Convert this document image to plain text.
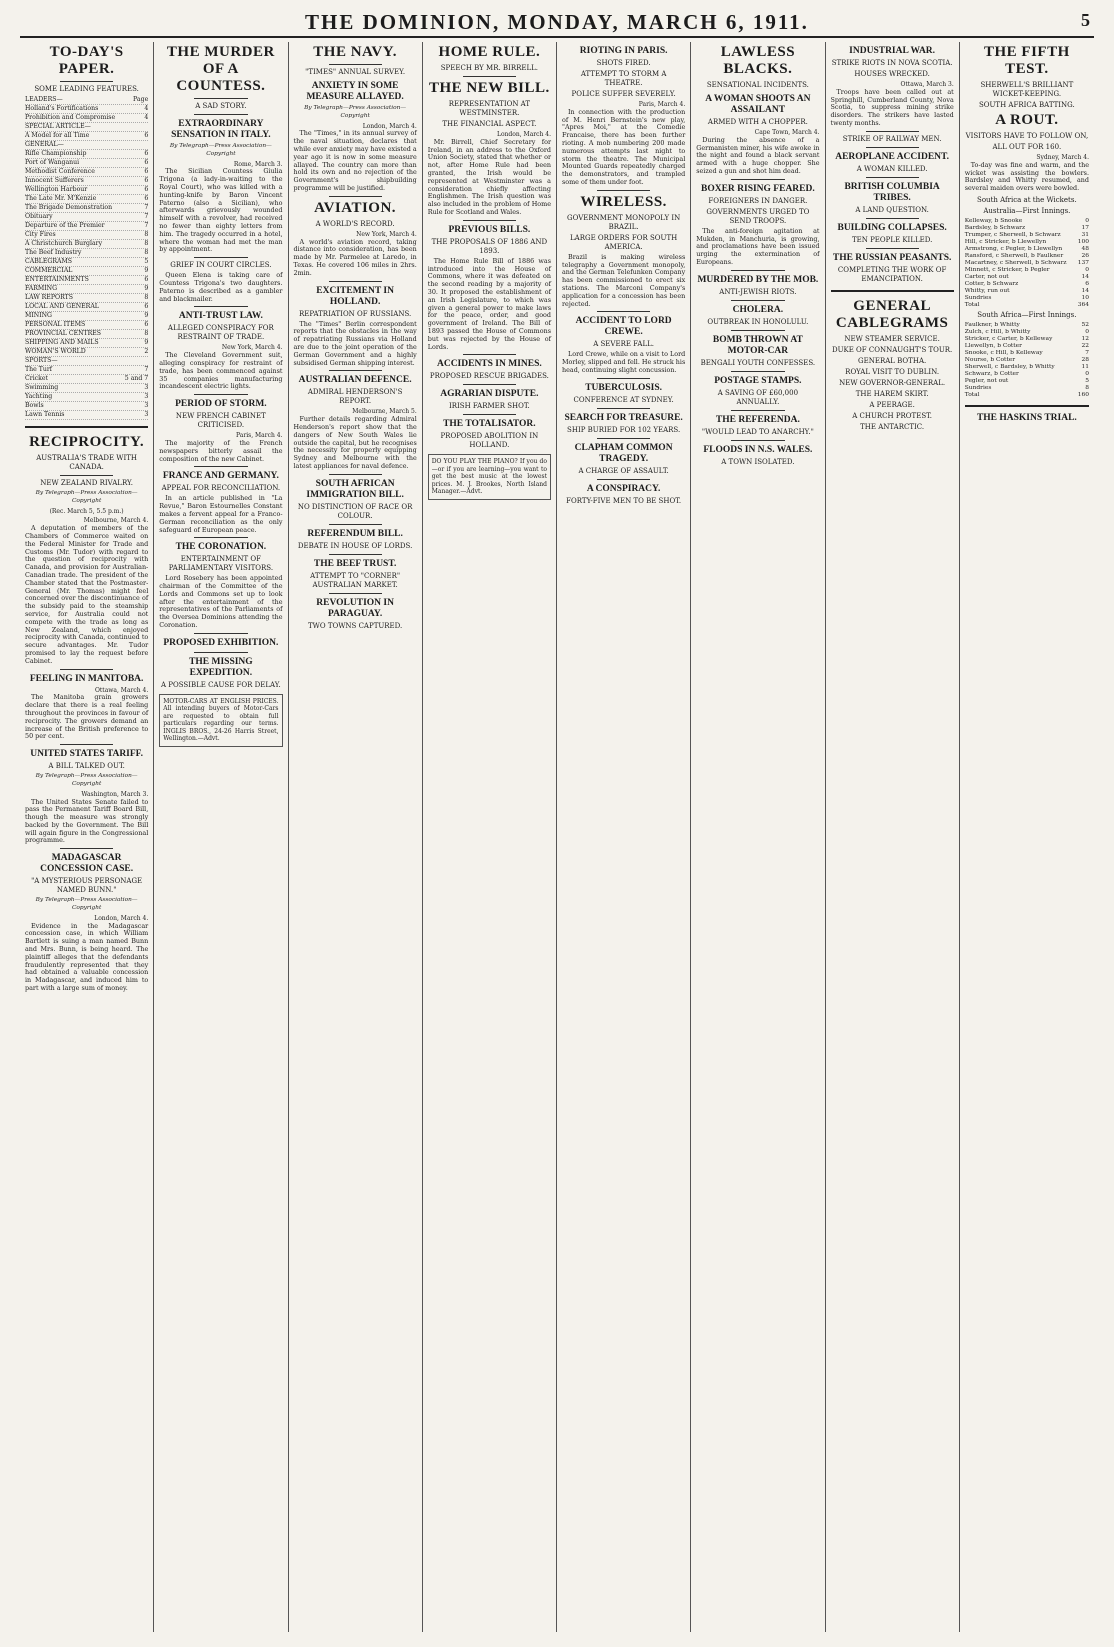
THE DOMINION, MONDAY, MARCH 6, 1911.	5
TO-DAY'S PAPER.
SOME LEADING FEATURES.
LEADERS—	Page
Holland's Fortifications	4
Prohibition and Compromise	4
SPECIAL ARTICLE—
A Model for all Time	6
GENERAL—
Rifle Championship	6
Port of Wanganui	6
Methodist Conference	6
Innocent Sufferers	6
Wellington Harbour	6
The Late Mr. M'Kenzie	6
The Brigade Demonstration	7
Obituary	7
Departure of the Premier	7
City Fires	8
A Christchurch Burglary	8
The Beef Industry	8
CABLEGRAMS	5
COMMERCIAL	9
ENTERTAINMENTS	6
FARMING	9
LAW REPORTS	8
LOCAL AND GENERAL	6
MINING	9
PERSONAL ITEMS	6
PROVINCIAL CENTRES	8
SHIPPING AND MAILS	9
WOMAN'S WORLD	2
SPORTS—
The Turf	7
Cricket	5 and 7
Swimming	3
Yachting	3
Bowls	3
Lawn Tennis	3
RECIPROCITY.
AUSTRALIA'S TRADE WITH CANADA.
NEW ZEALAND RIVALRY.
By Telegraph—Press Association—Copyright
(Rec. March 5, 5.5 p.m.)
Melbourne, March 4.

A deputation of members of the Chambers of Commerce waited on the Federal Minister for Trade and Customs (Mr. Tudor) with regard to the question of reciprocity with Canada, and provision for Australian-Canadian trade. The president of the Chamber stated that the Postmaster-General (Mr. Thomas) might feel concerned over the discontinuance of the subsidy paid to the steamship service, for Australia could not compete with the trade as long as New Zealand, which enjoyed reciprocity with Canada, continued to secure advantages. Mr. Tudor promised to lay the request before Cabinet.

FEELING IN MANITOBA.
Ottawa, March 4.

The Manitoba grain growers declare that there is a real feeling throughout the provinces in favour of reciprocity. The growers demand an increase of the British preference to 50 per cent.

UNITED STATES TARIFF.
A BILL TALKED OUT.
By Telegraph—Press Association—Copyright
Washington, March 3.

The United States Senate failed to pass the Permanent Tariff Board Bill, though the measure was strongly backed by the Government. The Bill will again figure in the Congressional programme.

MADAGASCAR CONCESSION CASE.
"A MYSTERIOUS PERSONAGE NAMED BUNN."
By Telegraph—Press Association—Copyright
London, March 4.

Evidence in the Madagascar concession case, in which William Bartlett is suing a man named Bunn and Mrs. Bunn, is being heard. The plaintiff alleges that the defendants fraudulently represented that they had obtained a valuable concession in Madagascar, and induced him to part with a large sum of money.

THE MURDER OF A COUNTESS.
A SAD STORY.
EXTRAORDINARY SENSATION IN ITALY.
By Telegraph—Press Association—Copyright
Rome, March 3.

The Sicilian Countess Giulia Trigona (a lady-in-waiting to the Royal Court), who was killed with a hunting-knife by Baron Vincent Paterno (also a Sicilian), who afterwards grievously wounded himself with a revolver, had received no fewer than eighty letters from him. The tragedy occurred in a hotel, where the woman had met the man by appointment.

GRIEF IN COURT CIRCLES.

Queen Elena is taking care of Countess Trigona's two daughters. Paterno is described as a gambler and blackmailer.

ANTI-TRUST LAW.
ALLEGED CONSPIRACY FOR RESTRAINT OF TRADE.
New York, March 4.

The Cleveland Government suit, alleging conspiracy for restraint of trade, has been commenced against 35 companies manufacturing incandescent electric lights.

PERIOD OF STORM.
NEW FRENCH CABINET CRITICISED.
Paris, March 4.

The majority of the French newspapers bitterly assail the composition of the new Cabinet.

FRANCE AND GERMANY.
APPEAL FOR RECONCILIATION.

In an article published in "La Revue," Baron Estournelles Constant makes a fervent appeal for a Franco-German reconciliation as the only safeguard of European peace.

THE CORONATION.
ENTERTAINMENT OF PARLIAMENTARY VISITORS.

Lord Rosebery has been appointed chairman of the Committee of the Lords and Commons set up to look after the entertainment of the representatives of the Parliaments of the Oversea Dominions attending the Coronation.

PROPOSED EXHIBITION.
THE MISSING EXPEDITION.
A POSSIBLE CAUSE FOR DELAY.
MOTOR-CARS AT ENGLISH PRICES. All intending buyers of Motor-Cars are requested to obtain full particulars regarding our terms. INGLIS BROS., 24-26 Harris Street, Wellington.—Advt.
THE NAVY.
"TIMES" ANNUAL SURVEY.
ANXIETY IN SOME MEASURE ALLAYED.
By Telegraph—Press Association—Copyright
London, March 4.

The "Times," in its annual survey of the naval situation, declares that while ever anxiety may have existed a year ago it is now in some measure allayed. The country can more than hold its own and no rejection of the Government's shipbuilding programme will be justified.

AVIATION.
A WORLD'S RECORD.
New York, March 4.

A world's aviation record, taking distance into consideration, has been made by Mr. Parmelee at Laredo, in Texas. He covered 106 miles in 2hrs. 2min.

EXCITEMENT IN HOLLAND.
REPATRIATION OF RUSSIANS.

The "Times" Berlin correspondent reports that the obstacles in the way of repatriating Russians via Holland are due to the joint operation of the German Government and a highly subsidised German shipping interest.

AUSTRALIAN DEFENCE.
ADMIRAL HENDERSON'S REPORT.
Melbourne, March 5.

Further details regarding Admiral Henderson's report show that the dangers of New South Wales lie outside the capital, but he recognises the necessity for properly equipping Sydney and Melbourne with the latest appliances for naval defence.

SOUTH AFRICAN IMMIGRATION BILL.
NO DISTINCTION OF RACE OR COLOUR.
REFERENDUM BILL.
DEBATE IN HOUSE OF LORDS.
THE BEEF TRUST.
ATTEMPT TO "CORNER" AUSTRALIAN MARKET.
REVOLUTION IN PARAGUAY.
TWO TOWNS CAPTURED.
HOME RULE.
SPEECH BY MR. BIRRELL.
THE NEW BILL.
REPRESENTATION AT WESTMINSTER.
THE FINANCIAL ASPECT.
London, March 4.

Mr. Birrell, Chief Secretary for Ireland, in an address to the Oxford Union Society, stated that whether or not, after Home Rule had been granted, the Irish would be represented at Westminster was a consideration chiefly affecting Englishmen. The Irish question was also included in the problem of Home Rule for Scotland and Wales.

PREVIOUS BILLS.
THE PROPOSALS OF 1886 AND 1893.

The Home Rule Bill of 1886 was introduced into the House of Commons, where it was defeated on the second reading by a majority of 30. It proposed the establishment of an Irish Legislature, to which was given a general power to make laws for the peace, order, and good government of Ireland. The Bill of 1893 passed the House of Commons but was rejected by the House of Lords.

ACCIDENTS IN MINES.
PROPOSED RESCUE BRIGADES.
AGRARIAN DISPUTE.
IRISH FARMER SHOT.
THE TOTALISATOR.
PROPOSED ABOLITION IN HOLLAND.
DO YOU PLAY THE PIANO? If you do—or if you are learning—you want to get the best music at the lowest prices. M. J. Brookes, North Island Manager.—Advt.
RIOTING IN PARIS.
SHOTS FIRED.
ATTEMPT TO STORM A THEATRE.
POLICE SUFFER SEVERELY.
Paris, March 4.

In connection with the production of M. Henri Bernstein's new play, "Apres Moi," at the Comedie Francaise, there has been further rioting. A mob numbering 200 made numerous attempts last night to storm the theatre. The Municipal Mounted Guards repeatedly charged the demonstrators, and trampled some of them under foot.

WIRELESS.
GOVERNMENT MONOPOLY IN BRAZIL.
LARGE ORDERS FOR SOUTH AMERICA.

Brazil is making wireless telegraphy a Government monopoly, and the German Telefunken Company has been commissioned to erect six stations. The Marconi Company's application for a concession has been rejected.

ACCIDENT TO LORD CREWE.
A SEVERE FALL.

Lord Crewe, while on a visit to Lord Morley, slipped and fell. He struck his head, continuing slight concussion.

TUBERCULOSIS.
CONFERENCE AT SYDNEY.
SEARCH FOR TREASURE.
SHIP BURIED FOR 102 YEARS.
CLAPHAM COMMON TRAGEDY.
A CHARGE OF ASSAULT.
A CONSPIRACY.
FORTY-FIVE MEN TO BE SHOT.
LAWLESS BLACKS.
SENSATIONAL INCIDENTS.
A WOMAN SHOOTS AN ASSAILANT
ARMED WITH A CHOPPER.
Cape Town, March 4.

During the absence of a Germanisten miner, his wife awoke in the night and found a black servant armed with a huge chopper. She seized a gun and shot him dead.

BOXER RISING FEARED.
FOREIGNERS IN DANGER.
GOVERNMENTS URGED TO SEND TROOPS.

The anti-foreign agitation at Mukden, in Manchuria, is growing, and proclamations have been issued urging the extermination of Europeans.

MURDERED BY THE MOB.
ANTI-JEWISH RIOTS.
CHOLERA.
OUTBREAK IN HONOLULU.
BOMB THROWN AT MOTOR-CAR
BENGALI YOUTH CONFESSES.
POSTAGE STAMPS.
A SAVING OF £60,000 ANNUALLY.
THE REFERENDA.
"WOULD LEAD TO ANARCHY."
FLOODS IN N.S. WALES.
A TOWN ISOLATED.
INDUSTRIAL WAR.
STRIKE RIOTS IN NOVA SCOTIA.
HOUSES WRECKED.
Ottawa, March 3.

Troops have been called out at Springhill, Cumberland County, Nova Scotia, to suppress mining strike disorders. The strikers have lasted twenty months.

STRIKE OF RAILWAY MEN.
AEROPLANE ACCIDENT.
A WOMAN KILLED.
BRITISH COLUMBIA TRIBES.
A LAND QUESTION.
BUILDING COLLAPSES.
TEN PEOPLE KILLED.
THE RUSSIAN PEASANTS.
COMPLETING THE WORK OF EMANCIPATION.
GENERAL CABLEGRAMS
NEW STEAMER SERVICE.
DUKE OF CONNAUGHT'S TOUR.
GENERAL BOTHA.
ROYAL VISIT TO DUBLIN.
NEW GOVERNOR-GENERAL.
THE HAREM SKIRT.
A PEERAGE.
A CHURCH PROTEST.
THE ANTARCTIC.
THE FIFTH TEST.
SHERWELL'S BRILLIANT WICKET-KEEPING.
SOUTH AFRICA BATTING.
A ROUT.
VISITORS HAVE TO FOLLOW ON,
ALL OUT FOR 160.
Sydney, March 4.

To-day was fine and warm, and the wicket was assisting the bowlers. Bardsley and Whitty resumed, and several maiden overs were bowled.

South Africa at the Wickets.
Australia—First Innings.
Kelleway, b Snooke	0
Bardsley, b Schwarz	17
Trumper, c Sherwell, b Schwarz	31
Hill, c Stricker, b Llewellyn	100
Armstrong, c Pegler, b Llewellyn	48
Ransford, c Sherwell, b Faulkner	26
Macartney, c Sherwell, b Schwarz	137
Minnett, c Stricker, b Pegler	0
Carter, not out	14
Cotter, b Schwarz	6
Whitty, run out	14
Sundries	10
Total	364
South Africa—First Innings.
Faulkner, b Whitty	52
Zulch, c Hill, b Whitty	0
Stricker, c Carter, b Kelleway	12
Llewellyn, b Cotter	22
Snooke, c Hill, b Kelleway	7
Nourse, b Cotter	28
Sherwell, c Bardsley, b Whitty	11
Schwarz, b Cotter	0
Pegler, not out	5
Sundries	8
Total	160
THE HASKINS TRIAL.
